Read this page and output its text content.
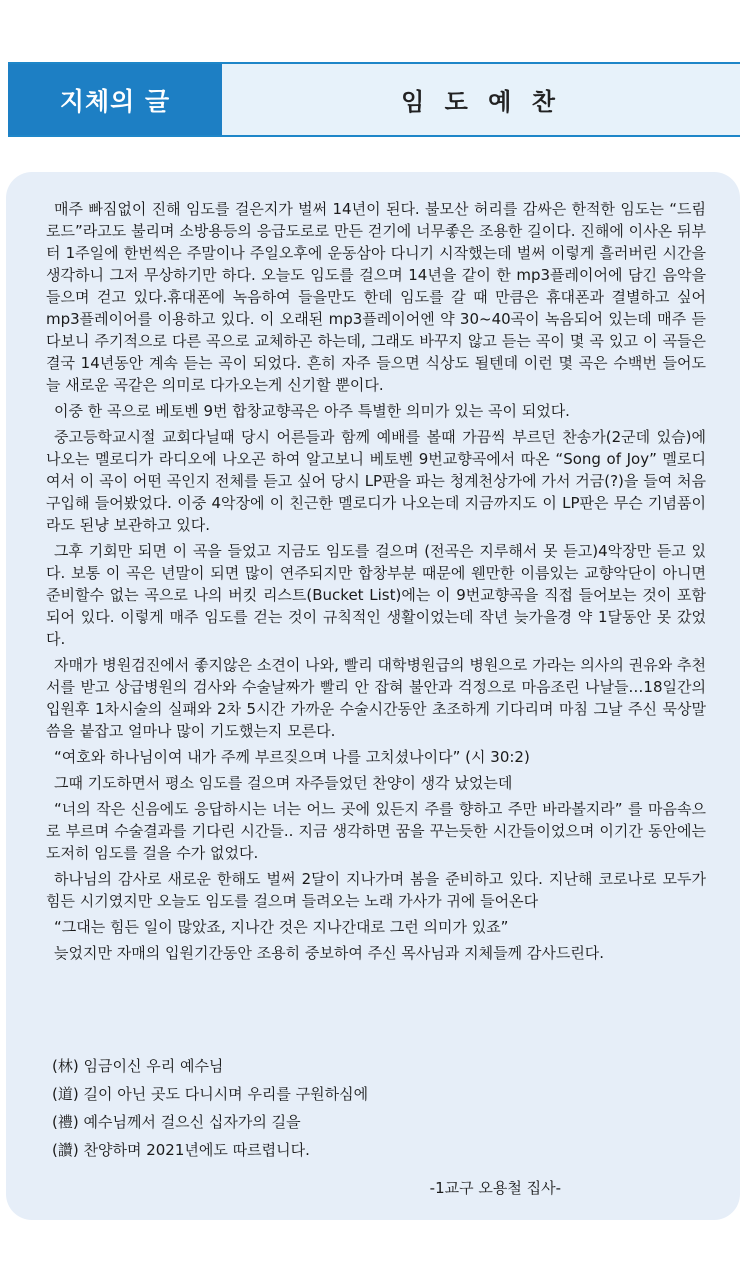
지체의 글	임 도 예 찬

매주 빠짐없이 진해 임도를 걸은지가 벌써 14년이 된다. 불모산 허리를 감싸은 한적한 임도는 “드림로드”라고도 불리며 소방용등의 응급도로로 만든 걷기에 너무좋은 조용한 길이다. 진해에 이사온 뒤부터 1주일에 한번씩은 주말이나 주일오후에 운동삼아 다니기 시작했는데 벌써 이렇게 흘러버린 시간을 생각하니 그저 무상하기만 하다. 오늘도 임도를 걸으며 14년을 같이 한 mp3플레이어에 담긴 음악을 들으며 걷고 있다.휴대폰에 녹음하여 들을만도 한데 임도를 갈 때 만큼은 휴대폰과 결별하고 싶어 mp3플레이어를 이용하고 있다. 이 오래된 mp3플레이어엔 약 30~40곡이 녹음되어 있는데 매주 듣다보니 주기적으로 다른 곡으로 교체하곤 하는데, 그래도 바꾸지 않고 듣는 곡이 몇 곡 있고 이 곡들은 결국 14년동안 계속 듣는 곡이 되었다. 흔히 자주 들으면 식상도 될텐데 이런 몇 곡은 수백번 들어도 늘 새로운 곡같은 의미로 다가오는게 신기할 뿐이다.

이중 한 곡으로 베토벤 9번 합창교향곡은 아주 특별한 의미가 있는 곡이 되었다.

중고등학교시절 교회다닐때 당시 어른들과 함께 예배를 볼때 가끔씩 부르던 찬송가(2군데 있슴)에 나오는 멜로디가 라디오에 나오곤 하여 알고보니 베토벤 9번교향곡에서 따온 “Song of Joy” 멜로디여서 이 곡이 어떤 곡인지 전체를 듣고 싶어 당시 LP판을 파는 청계천상가에 가서 거금(?)을 들여 처음 구입해 들어봤었다. 이중 4악장에 이 친근한 멜로디가 나오는데 지금까지도 이 LP판은 무슨 기념품이라도 된냥 보관하고 있다.

그후 기회만 되면 이 곡을 들었고 지금도 임도를 걸으며 (전곡은 지루해서 못 듣고)4악장만 듣고 있다. 보통 이 곡은 년말이 되면 많이 연주되지만 합창부분 때문에 웬만한 이름있는 교향악단이 아니면 준비할수 없는 곡으로 나의 버킷 리스트(Bucket List)에는 이 9번교향곡을 직접 들어보는 것이 포함되어 있다. 이렇게 매주 임도를 걷는 것이 규칙적인 생활이었는데 작년 늦가을경 약 1달동안 못 갔었다.

자매가 병원검진에서 좋지않은 소견이 나와, 빨리 대학병원급의 병원으로 가라는 의사의 권유와 추천서를 받고 상급병원의 검사와 수술날짜가 빨리 안 잡혀 불안과 걱정으로 마음조린 나날들…18일간의 입원후 1차시술의 실패와 2차 5시간 가까운 수술시간동안 초조하게 기다리며 마침 그날 주신 묵상말씀을 붙잡고 얼마나 많이 기도했는지 모른다.

“여호와 하나님이여 내가 주께 부르짖으며 나를 고치셨나이다” (시 30:2)

그때 기도하면서 평소 임도를 걸으며 자주들었던 찬양이 생각 났었는데

“너의 작은 신음에도 응답하시는 너는 어느 곳에 있든지 주를 향하고 주만 바라볼지라” 를 마음속으로 부르며 수술결과를 기다린 시간들.. 지금 생각하면 꿈을 꾸는듯한 시간들이었으며 이기간 동안에는 도저히 임도를 걸을 수가 없었다.

하나님의 감사로 새로운 한해도 벌써 2달이 지나가며 봄을 준비하고 있다. 지난해 코로나로 모두가 힘든 시기였지만 오늘도 임도를 걸으며 들려오는 노래 가사가 귀에 들어온다

“그대는 힘든 일이 많았죠, 지나간 것은 지나간대로 그런 의미가 있죠”

늦었지만 자매의 입원기간동안 조용히 중보하여 주신 목사님과 지체들께 감사드린다.

(林) 임금이신 우리 예수님
(道) 길이 아닌 곳도 다니시며 우리를 구원하심에
(禮) 예수님께서 걸으신 십자가의 길을
(讚) 찬양하며 2021년에도 따르렵니다.
-1교구 오용철 집사-
